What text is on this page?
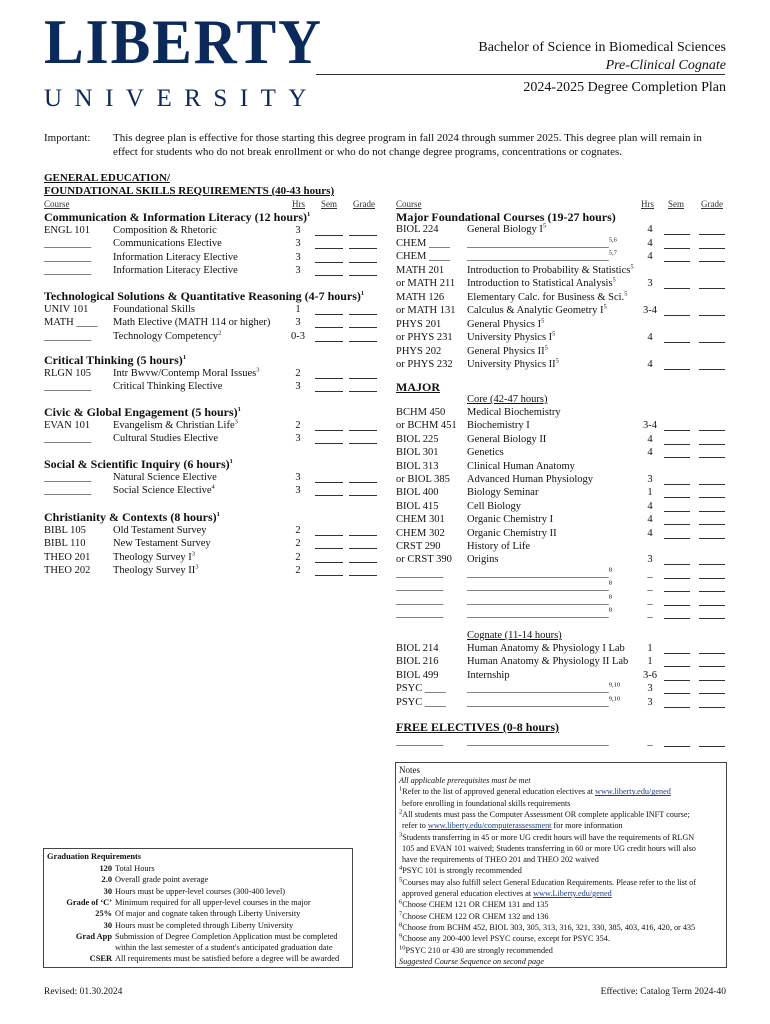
LIBERTY
UNIVERSITY
Bachelor of Science in Biomedical Sciences
Pre-Clinical Cognate
2024-2025 Degree Completion Plan
Important: This degree plan is effective for those starting this degree program in fall 2024 through summer 2025. This degree plan will remain in
effect for students who do not break enrollment or who do not change degree programs, concentrations or cognates.
GENERAL EDUCATION/
FOUNDATIONAL SKILLS REQUIREMENTS (40-43 hours)
Course	Hrs Sem Grade
Communication & Information Literacy (12 hours)$^1$
ENGL 101 Composition & Rhetoric	3
_________ Communications Elective	3
_________ Information Literacy Elective	3
_________ Information Literacy Elective	3
Technological Solutions & Quantitative Reasoning (4-7 hours)$^1$
UNIV 101 Foundational Skills	1
MATH ____ Math Elective (MATH 114 or higher)	3
_________ Technology Competency$^2$	0-3
Critical Thinking (5 hours)$^1$
RLGN 105 Intr Bwvw/Contemp Moral Issues$^3$	2
_________ Critical Thinking Elective	3
Civic & Global Engagement (5 hours)$^1$
EVAN 101 Evangelism & Christian Life$^3$	2
_________ Cultural Studies Elective	3
Social & Scientific Inquiry (6 hours)$^1$
_________ Natural Science Elective	3
_________ Social Science Elective$^4$	3
Christianity & Contexts (8 hours)$^1$
BIBL 105	Old Testament Survey	2
BIBL 110	New Testament Survey	2
THEO 201 Theology Survey $I^3$	2
THEO 202 Theology Survey $II^3$	2
Course	Hrs Sem Grade
Major Foundational Courses (19-27 hours)
BIOL 224	General Biology $I^5$	4
CHEM ____ ___________________________$^{5,6}$	4
CHEM ____ ___________________________$^{5,7}$	4
MATH 201 Introduction to Probability & Statistics$^5$
or MATH 211 Introduction to Statistical Analysis$^5$	3
MATH 126 Elementary Calc. for Business & Sci.$^5$
or MATH 131 Calculus & Analytic Geometry $I^5$	3-4
PHYS 201 General Physics $I^5$
or PHYS 231 University Physics $I^5$	4
PHYS 202 General Physics $II^5$
or PHYS 232 University Physics $II^5$	4
MAJOR
Core (42-47 hours)
BCHM 450 Medical Biochemistry
or BCHM 451 Biochemistry I	3-4
BIOL 225	General Biology II	4
BIOL 301	Genetics	4
BIOL 313	Clinical Human Anatomy
or BIOL 385 Advanced Human Physiology	3
BIOL 400	Biology Seminar	1
BIOL 415	Cell Biology	4
CHEM 301 Organic Chemistry I	4
CHEM 302 Organic Chemistry II	4
CRST 290	History of Life
or CRST 390 Origins	3
_________ ___________________________$^8$	_
_________ ___________________________$^8$	_
_________ ___________________________$^8$	_
_________ ___________________________$^8$	_
Cognate (11-14 hours)
BIOL 214	Human Anatomy & Physiology I Lab	1
BIOL 216	Human Anatomy & Physiology II Lab	1
BIOL 499	Internship	3-6
PSYC ____ ___________________________$^{9,10}$	3
PSYC ____ ___________________________$^{9,10}$	3
FREE ELECTIVES (0-8 hours)
_________ ___________________________	_
Notes
All applicable prerequisites must be met
$^1$Refer to the list of approved general education electives at www.liberty.edu/gened
before enrolling in foundational skills requirements
$^2$All students must pass the Computer Assessment OR complete applicable INFT course;
refer to www.liberty.edu/computerassessment for more information
$^3$Students transferring in 45 or more UG credit hours will have the requirements of RLGN
105 and EVAN 101 waived; Students transferring in 60 or more UG credit hours will also
have the requirements of THEO 201 and THEO 202 waived
$^4$PSYC 101 is strongly recommended
$^5$Courses may also fulfill select General Education Requirements. Please refer to the list of
approved general education electives at www.Liberty.edu/gened
$^6$Choose CHEM 121 OR CHEM 131 and 135
$^7$Choose CHEM 122 OR CHEM 132 and 136
$^8$Choose from BCHM 452, BIOL 303, 305, 313, 316, 321, 330, 385, 403, 416, 420, or 435
$^9$Choose any 200-400 level PSYC course, except for PSYC 354.
$^{10}$PSYC 210 or 430 are strongly recommended
Suggested Course Sequence on second page
Graduation Requirements
120 Total Hours
2.0 Overall grade point average
30 Hours must be upper-level courses (300-400 level)
Grade of ‘C’ Minimum required for all upper-level courses in the major
25% Of major and cognate taken through Liberty University
30 Hours must be completed through Liberty University
Grad App Submission of Degree Completion Application must be completed
within the last semester of a student's anticipated graduation date
CSER All requirements must be satisfied before a degree will be awarded
Revised: 01.30.2024	Effective: Catalog Term 2024-40
